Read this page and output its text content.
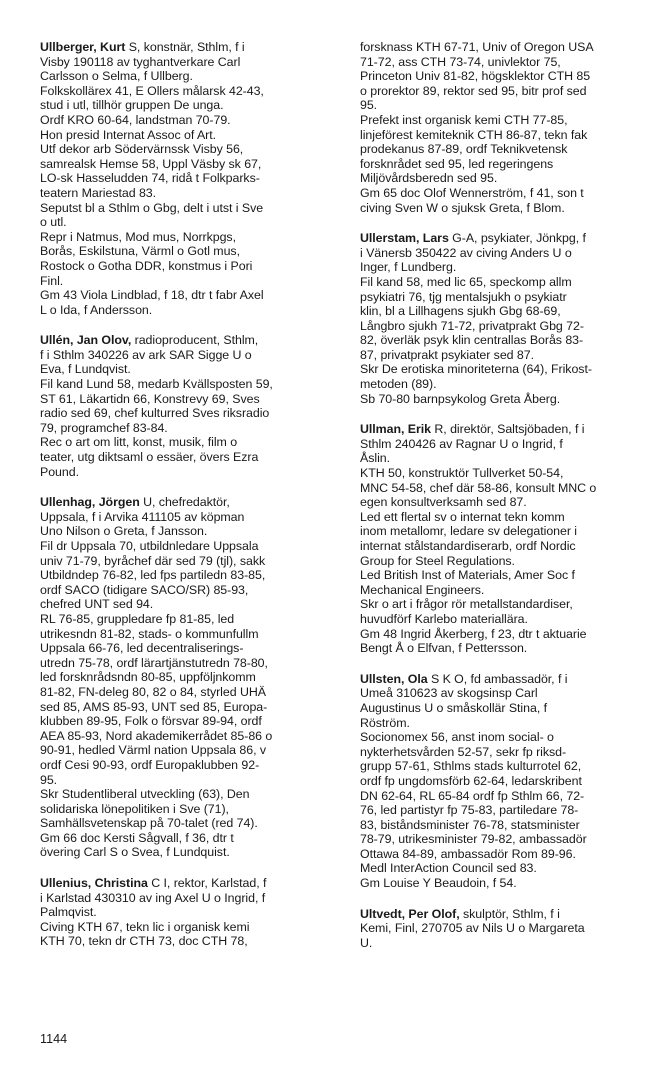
Ullberger, Kurt S, konstnär, Sthlm, f i
Visby 190118 av tyghantverkare Carl
Carlsson o Selma, f Ullberg.
Folkskollärex 41, E Ollers målarsk 42-43,
stud i utl, tillhör gruppen De unga.
Ordf KRO 60-64, landstman 70-79.
Hon presid Internat Assoc of Art.
Utf dekor arb Södervärnssk Visby 56,
samrealsk Hemse 58, Uppl Väsby sk 67,
LO-sk Hasseludden 74, ridå t Folkparks-
teatern Mariestad 83.
Seputst bl a Sthlm o Gbg, delt i utst i Sve
o utl.
Repr i Natmus, Mod mus, Norrkpgs,
Borås, Eskilstuna, Värml o Gotl mus,
Rostock o Gotha DDR, konstmus i Pori
Finl.
Gm 43 Viola Lindblad, f 18, dtr t fabr Axel
L o Ida, f Andersson.
Ullén, Jan Olov, radioproducent, Sthlm,
f i Sthlm 340226 av ark SAR Sigge U o
Eva, f Lundqvist.
Fil kand Lund 58, medarb Kvällsposten 59,
ST 61, Läkartidn 66, Konstrevy 69, Sves
radio sed 69, chef kulturred Sves riksradio
79, programchef 83-84.
Rec o art om litt, konst, musik, film o
teater, utg diktsaml o essäer, övers Ezra
Pound.
Ullenhag, Jörgen U, chefredaktör,
Uppsala, f i Arvika 411105 av köpman
Uno Nilson o Greta, f Jansson.
Fil dr Uppsala 70, utbildnledare Uppsala
univ 71-79, byråchef där sed 79 (tjl), sakk
Utbildndep 76-82, led fps partiledn 83-85,
ordf SACO (tidigare SACO/SR) 85-93,
chefred UNT sed 94.
RL 76-85, gruppledare fp 81-85, led
utrikesndn 81-82, stads- o kommunfullm
Uppsala 66-76, led decentraliserings-
utredn 75-78, ordf lärartjänstutredn 78-80,
led forsknrådsndn 80-85, uppföljnkomm
81-82, FN-deleg 80, 82 o 84, styrled UHÄ
sed 85, AMS 85-93, UNT sed 85, Europa-
klubben 89-95, Folk o försvar 89-94, ordf
AEA 85-93, Nord akademikerrådet 85-86 o
90-91, hedled Värml nation Uppsala 86, v
ordf Cesi 90-93, ordf Europaklubben 92-
95.
Skr Studentliberal utveckling (63), Den
solidariska lönepolitiken i Sve (71),
Samhällsvetenskap på 70-talet (red 74).
Gm 66 doc Kersti Sågvall, f 36, dtr t
övering Carl S o Svea, f Lundquist.
Ullenius, Christina C I, rektor, Karlstad, f
i Karlstad 430310 av ing Axel U o Ingrid, f
Palmqvist.
Civing KTH 67, tekn lic i organisk kemi
KTH 70, tekn dr CTH 73, doc CTH 78,
forsknass KTH 67-71, Univ of Oregon USA
71-72, ass CTH 73-74, univlektor 75,
Princeton Univ 81-82, högsklektor CTH 85
o prorektor 89, rektor sed 95, bitr prof sed
95.
Prefekt inst organisk kemi CTH 77-85,
linjeförest kemiteknik CTH 86-87, tekn fak
prodekanus 87-89, ordf Teknikvetensk
forsknrådet sed 95, led regeringens
Miljövårdsberedn sed 95.
Gm 65 doc Olof Wennerström, f 41, son t
civing Sven W o sjuksk Greta, f Blom.
Ullerstam, Lars G-A, psykiater, Jönkpg, f
i Vänersb 350422 av civing Anders U o
Inger, f Lundberg.
Fil kand 58, med lic 65, speckomp allm
psykiatri 76, tjg mentalsjukh o psykiatr
klin, bl a Lillhagens sjukh Gbg 68-69,
Långbro sjukh 71-72, privatprakt Gbg 72-
82, överläk psyk klin centrallas Borås 83-
87, privatprakt psykiater sed 87.
Skr De erotiska minoriteterna (64), Frikost-
metoden (89).
Sb 70-80 barnpsykolog Greta Åberg.
Ullman, Erik R, direktör, Saltsjöbaden, f i
Sthlm 240426 av Ragnar U o Ingrid, f
Åslin.
KTH 50, konstruktör Tullverket 50-54,
MNC 54-58, chef där 58-86, konsult MNC o
egen konsultverksamh sed 87.
Led ett flertal sv o internat tekn komm
inom metallomr, ledare sv delegationer i
internat stålstandardiserarb, ordf Nordic
Group for Steel Regulations.
Led British Inst of Materials, Amer Soc f
Mechanical Engineers.
Skr o art i frågor rör metallstandardiser,
huvudförf Karlebo materiallära.
Gm 48 Ingrid Åkerberg, f 23, dtr t aktuarie
Bengt Å o Elfvan, f Pettersson.
Ullsten, Ola S K O, fd ambassadör, f i
Umeå 310623 av skogsinsp Carl
Augustinus U o småskollär Stina, f
Röström.
Socionomex 56, anst inom social- o
nykterhetsvården 52-57, sekr fp riksd-
grupp 57-61, Sthlms stads kulturrotel 62,
ordf fp ungdomsförb 62-64, ledarskribent
DN 62-64, RL 65-84 ordf fp Sthlm 66, 72-
76, led partistyr fp 75-83, partiledare 78-
83, biståndsminister 76-78, statsminister
78-79, utrikesminister 79-82, ambassadör
Ottawa 84-89, ambassadör Rom 89-96.
Medl InterAction Council sed 83.
Gm Louise Y Beaudoin, f 54.
Ultvedt, Per Olof, skulptör, Sthlm, f i
Kemi, Finl, 270705 av Nils U o Margareta
U.
1144
